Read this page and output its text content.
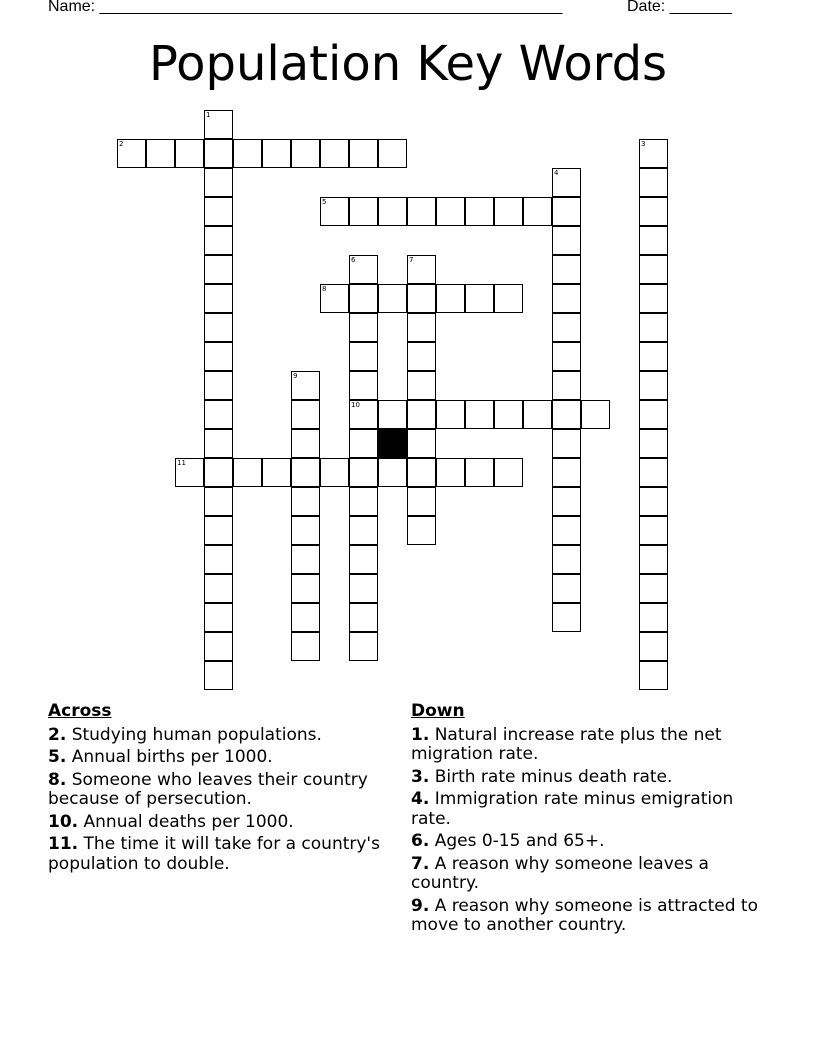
Name: ____________________________________________________	Date: _______
Population Key Words
1
2	3
4
5
6
10
7
8
9
11
Across
2. Studying human populations.
5. Annual births per 1000.
8. Someone who leaves their country because of persecution.
10. Annual deaths per 1000.
11. The time it will take for a country's population to double.
Down
1. Natural increase rate plus the net migration rate.
3. Birth rate minus death rate.
4. Immigration rate minus emigration rate.
6. Ages 0-15 and 65+.
7. A reason why someone leaves a country.
9. A reason why someone is attracted to move to another country.
